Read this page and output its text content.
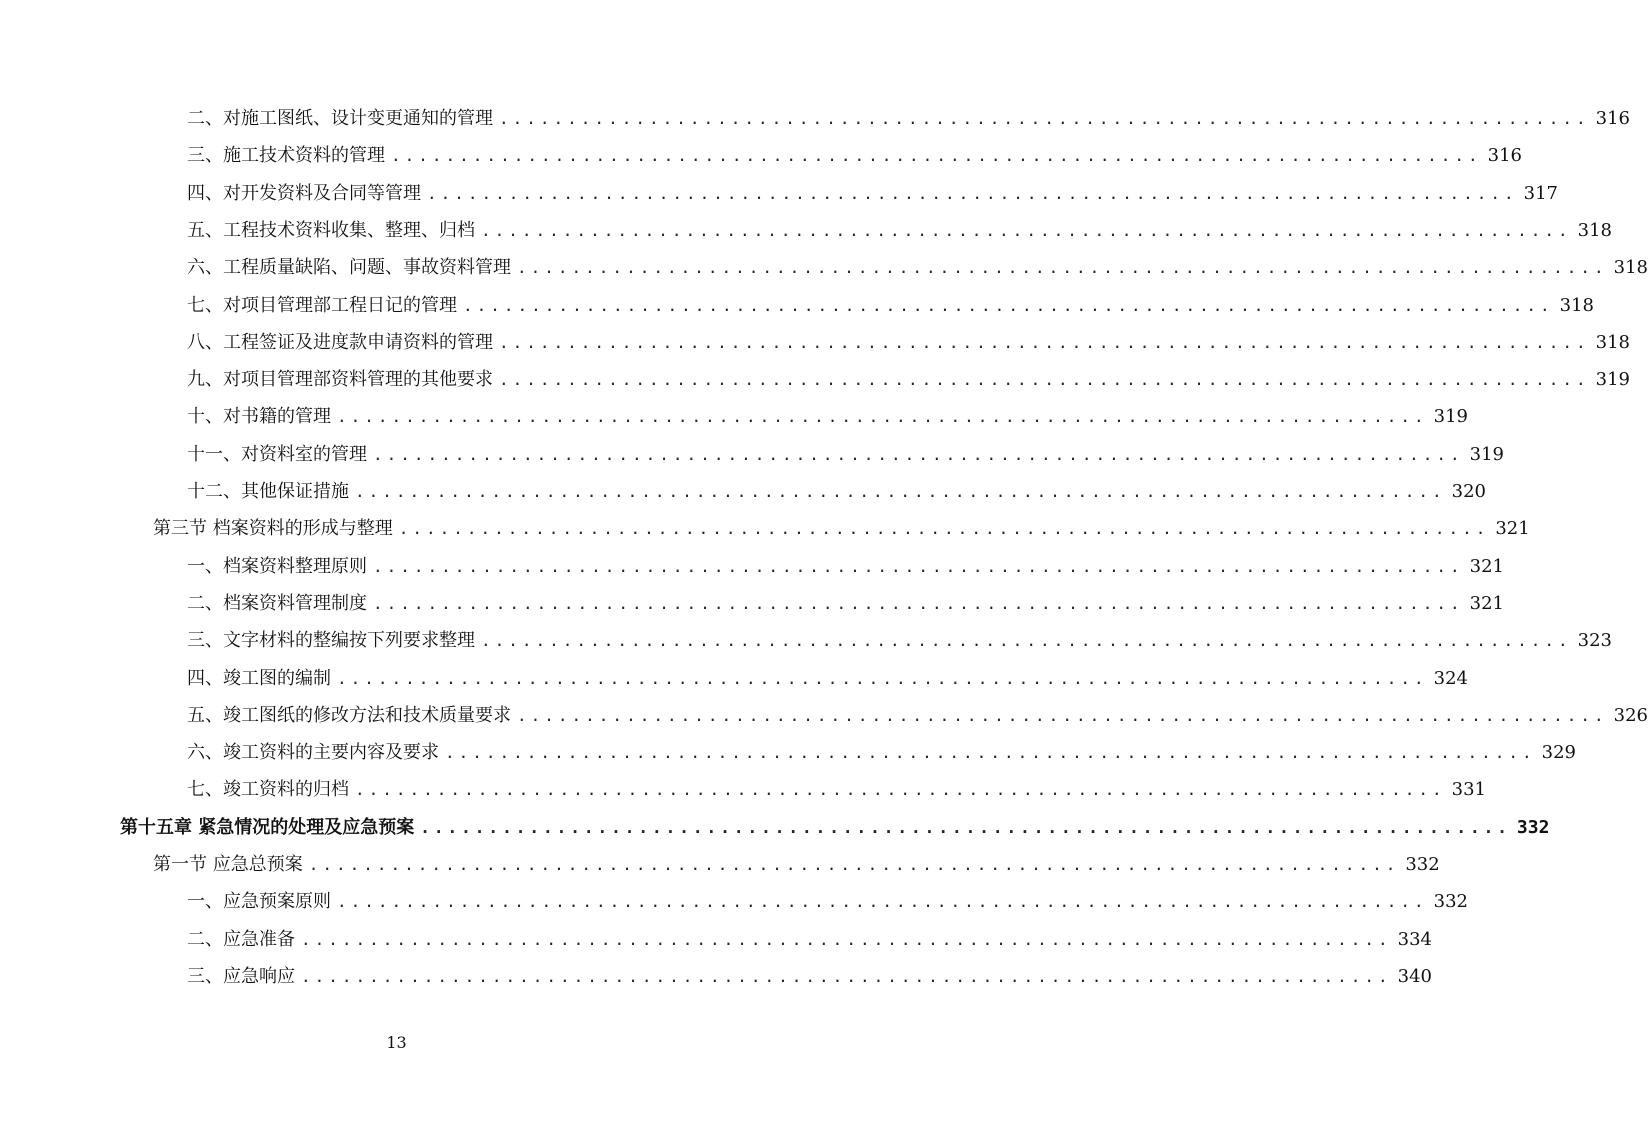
二、对施工图纸、设计变更通知的管理 ................................................................................ 316
三、施工技术资料的管理 ................................................................................ 316
四、对开发资料及合同等管理 ................................................................................ 317
五、工程技术资料收集、整理、归档 ................................................................................ 318
六、工程质量缺陷、问题、事故资料管理 ................................................................................ 318
七、对项目管理部工程日记的管理 ................................................................................ 318
八、工程签证及进度款申请资料的管理 ................................................................................ 318
九、对项目管理部资料管理的其他要求 ................................................................................ 319
十、对书籍的管理 ................................................................................ 319
十一、对资料室的管理 ................................................................................ 319
十二、其他保证措施 ................................................................................ 320
第三节 档案资料的形成与整理 ................................................................................ 321
一、档案资料整理原则 ................................................................................ 321
二、档案资料管理制度 ................................................................................ 321
三、文字材料的整编按下列要求整理 ................................................................................ 323
四、竣工图的编制 ................................................................................ 324
五、竣工图纸的修改方法和技术质量要求 ................................................................................ 326
六、竣工资料的主要内容及要求 ................................................................................ 329
七、竣工资料的归档 ................................................................................ 331
第十五章 紧急情况的处理及应急预案 ................................................................................ 332
第一节 应急总预案 ................................................................................ 332
一、应急预案原则 ................................................................................ 332
二、应急准备 ................................................................................ 334
三、应急响应 ................................................................................ 340
13
